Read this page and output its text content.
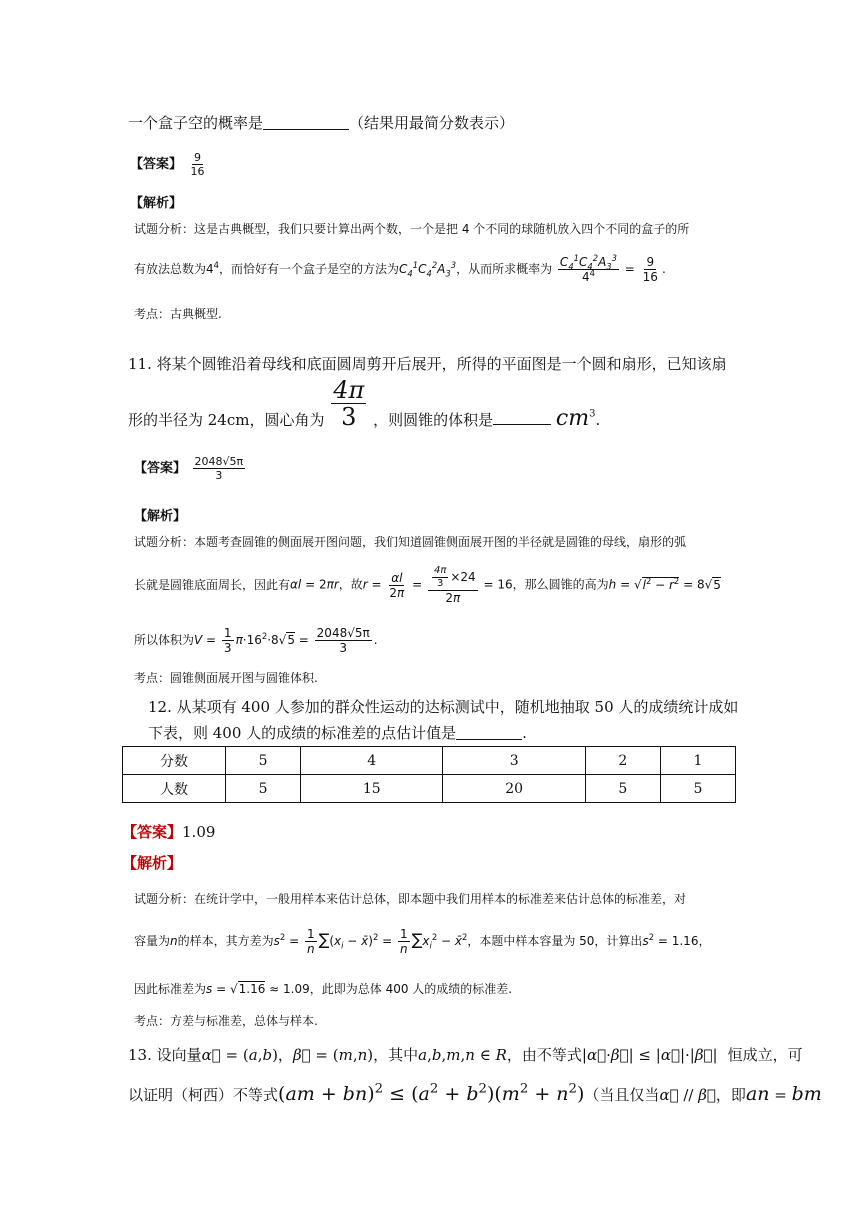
一个盒子空的概率是	（结果用最简分数表示）
【答案】 $\frac{9}{16}$
【解析】
试题分析：这是古典概型，我们只要计算出两个数，一个是把 4 个不同的球随机放入四个不同的盒子的所
有放法总数为$4^4$，而恰好有一个盒子是空的方法为$C_4^1C_4^2A_3^3$，从而所求概率为 $\frac{C_4^1C_4^2A_3^3}{4^4} = \frac{9}{16}$ .
考点：古典概型.
11. 将某个圆锥沿着母线和底面圆周剪开后展开，所得的平面图是一个圆和扇形，已知该扇
形的半径为 24cm，圆心角为 $\frac{4\pi}{3}$ ，则圆锥的体积是	$cm^3$.
【答案】 $\frac{2048√5\pi}{3}$
【解析】
试题分析：本题考查圆锥的侧面展开图问题，我们知道圆锥侧面展开图的半径就是圆锥的母线，扇形的弧
长就是圆锥底面周长，因此有αl = 2πr，故$r = \frac{\alpha l}{2\pi} = \frac{\frac{4\pi}{3} \times 24}{2\pi} = 16$，那么圆锥的高为$h = √l^2 - r^2 = 8√5$
所以体积为$V = \frac{1}{3} \pi\cdot 16^2\cdot 8√5 = \frac{2048√5\pi}{3}$ .
考点：圆锥侧面展开图与圆锥体积.
12. 从某项有 400 人参加的群众性运动的达标测试中，随机地抽取 50 人的成绩统计成如
下表，则 400 人的成绩的标准差的点估计值是	.
分数	5	4	3	2	1
人数	5	15	20	5	5
【答案】1.09
【解析】
试题分析：在统计学中，一般用样本来估计总体，即本题中我们用样本的标准差来估计总体的标准差，对
容量为n的样本，其方差为$s^2 = \frac{1}{n} \sum(x_i$ − x̄)$^2$ = $\frac{1}{n} \sum x_i^2$ − x̄$^2$，本题中样本容量为 50，计算出$s^2 = 1.16$，
因此标准差为s = √1.16 ≈ 1.09，此即为总体 400 人的成绩的标准差.
考点：方差与标准差，总体与样本.
13. 设向量α⃗ = (a,b)，β⃗ = (m,n)，其中a,b,m,n ∈ R，由不等式|α⃗·β⃗| ≤ |α⃗|·|β⃗| 恒成立，可
以证明（柯西）不等式$(am + bn)^2 \le (a^2 + b^2)(m^2 + n^2)$（当且仅当α⃗ // β⃗，即an = bm
